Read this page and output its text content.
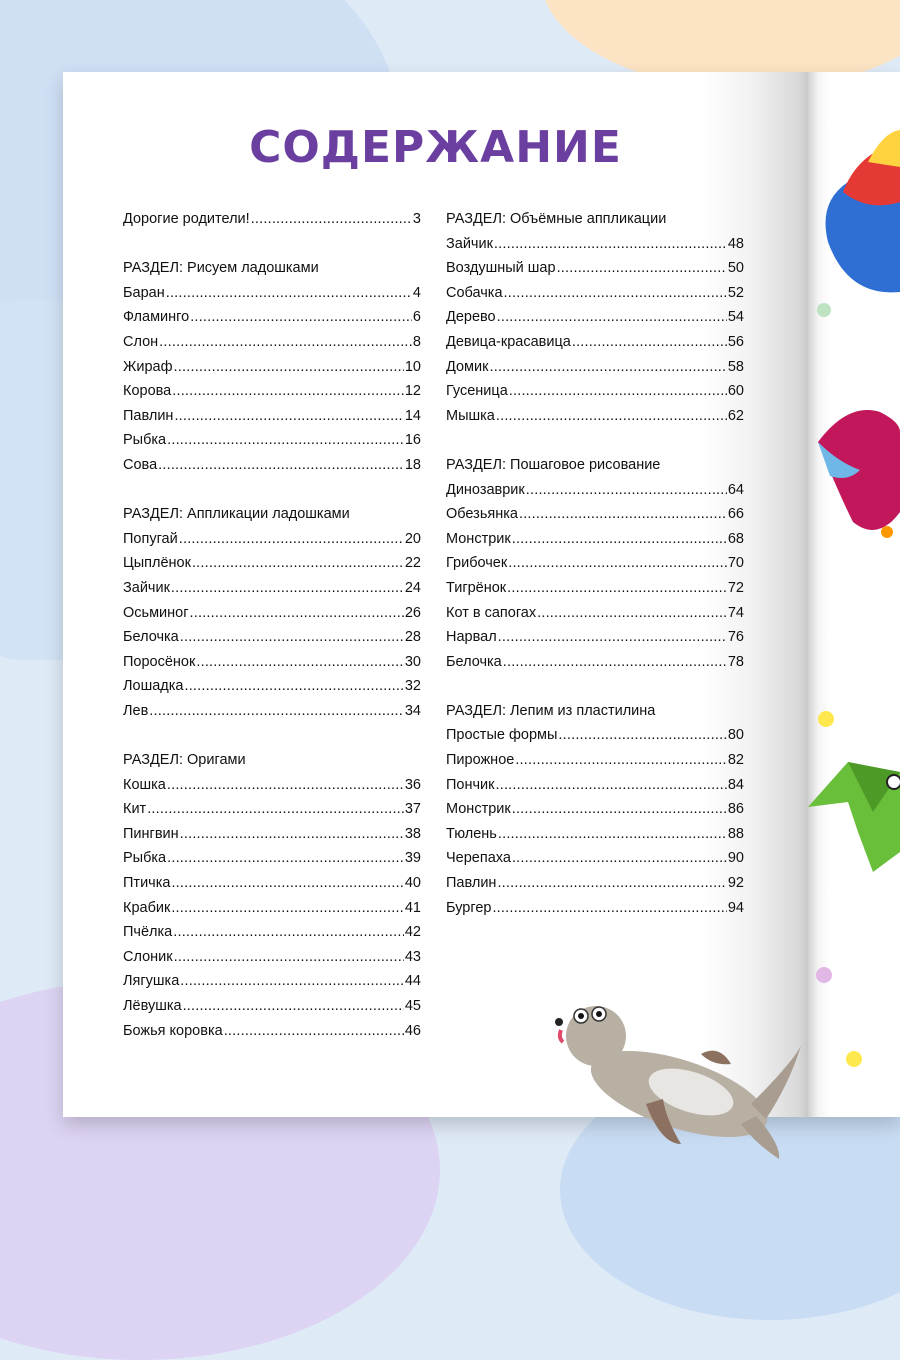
СОДЕРЖАНИЕ
Дорогие родители! .....	3
РАЗДЕЛ: Рисуем ладошками
Баран .....	4
Фламинго .....	6
Слон .....	8
Жираф .....	10
Корова .....	12
Павлин .....	14
Рыбка .....	16
Сова .....	18
РАЗДЕЛ: Аппликации ладошками
Попугай .....	20
Цыплёнок .....	22
Зайчик .....	24
Осьминог .....	26
Белочка .....	28
Поросёнок .....	30
Лошадка .....	32
Лев .....	34
РАЗДЕЛ: Оригами
Кошка .....	36
Кит .....	37
Пингвин .....	38
Рыбка .....	39
Птичка .....	40
Крабик .....	41
Пчёлка .....	42
Слоник .....	43
Лягушка .....	44
Лёвушка .....	45
Божья коровка .....	46
РАЗДЕЛ: Объёмные аппликации
Зайчик .....	48
Воздушный шар .....	50
Собачка .....	52
Дерево .....	54
Девица-красавица .....	56
Домик .....	58
Гусеница .....	60
Мышка .....	62
РАЗДЕЛ: Пошаговое рисование
Динозаврик .....	64
Обезьянка .....	66
Монстрик .....	68
Грибочек .....	70
Тигрёнок .....	72
Кот в сапогах .....	74
Нарвал .....	76
Белочка .....	78
РАЗДЕЛ: Лепим из пластилина
Простые формы .....	80
Пирожное .....	82
Пончик .....	84
Монстрик .....	86
Тюлень .....	88
Черепаха .....	90
Павлин .....	92
Бургер .....	94
